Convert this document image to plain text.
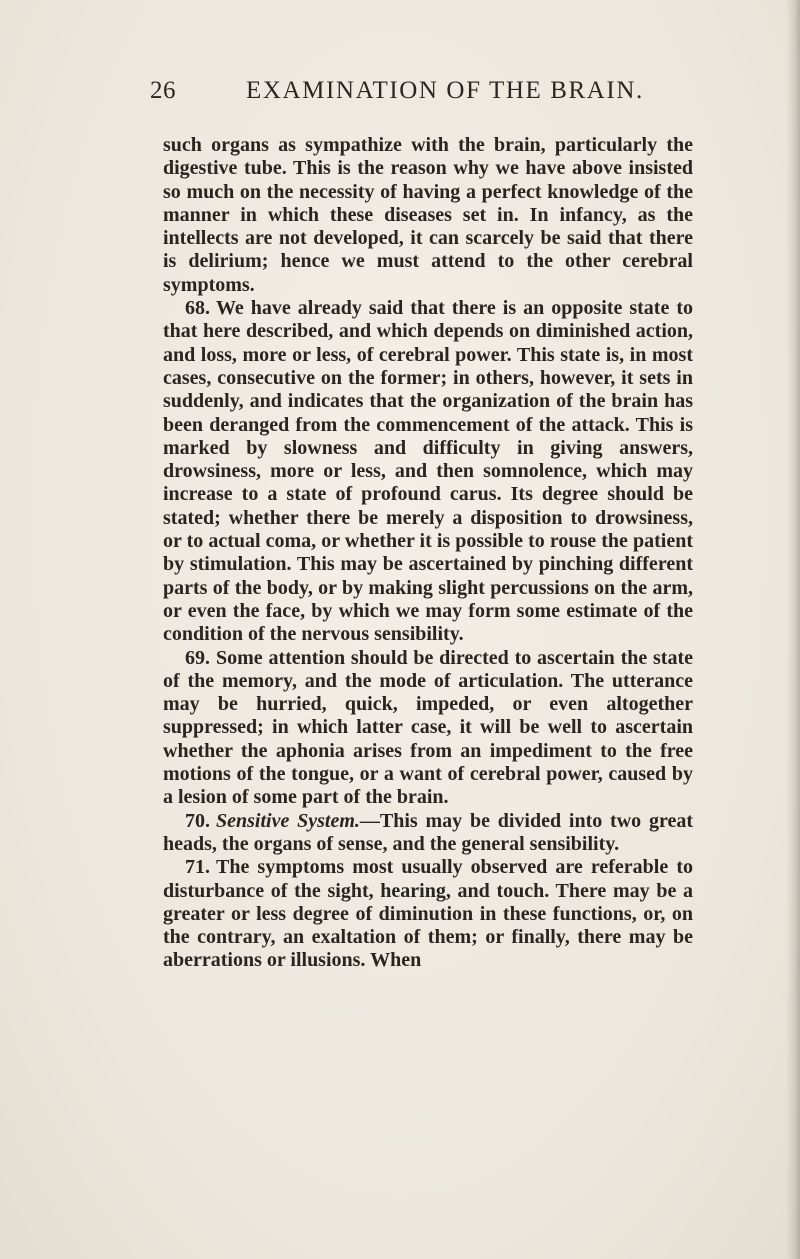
26	EXAMINATION OF THE BRAIN.

such organs as sympathize with the brain, particularly the digestive tube. This is the reason why we have above insisted so much on the necessity of having a perfect knowledge of the manner in which these diseases set in. In infancy, as the intellects are not developed, it can scarcely be said that there is delirium; hence we must attend to the other cerebral symptoms.

68. We have already said that there is an opposite state to that here described, and which depends on diminished action, and loss, more or less, of cerebral power. This state is, in most cases, consecutive on the former; in others, however, it sets in suddenly, and indicates that the organization of the brain has been deranged from the commencement of the attack. This is marked by slowness and difficulty in giving answers, drowsiness, more or less, and then somnolence, which may increase to a state of profound carus. Its degree should be stated; whether there be merely a disposition to drowsiness, or to actual coma, or whether it is possible to rouse the patient by stimulation. This may be ascertained by pinching different parts of the body, or by making slight percussions on the arm, or even the face, by which we may form some estimate of the condition of the nervous sensibility.

69. Some attention should be directed to ascertain the state of the memory, and the mode of articulation. The utterance may be hurried, quick, impeded, or even altogether suppressed; in which latter case, it will be well to ascertain whether the aphonia arises from an impediment to the free motions of the tongue, or a want of cerebral power, caused by a lesion of some part of the brain.

70. Sensitive System.—This may be divided into two great heads, the organs of sense, and the general sensibility.

71. The symptoms most usually observed are referable to disturbance of the sight, hearing, and touch. There may be a greater or less degree of diminution in these functions, or, on the contrary, an exaltation of them; or finally, there may be aberrations or illusions. When
